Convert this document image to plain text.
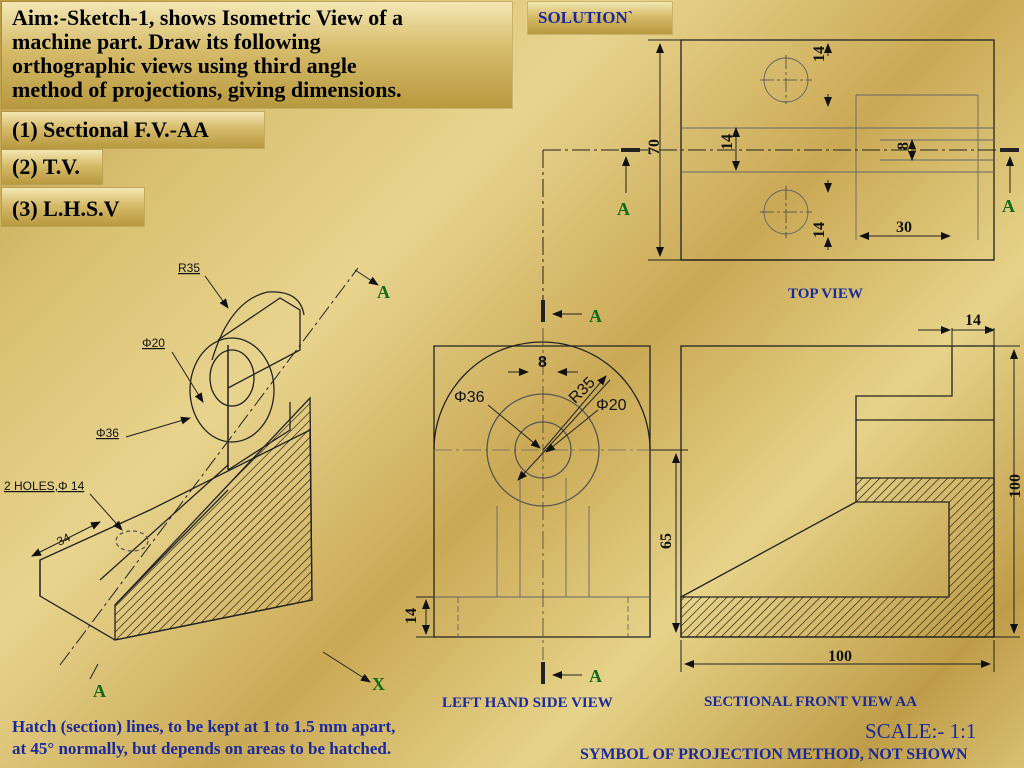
Aim:-Sketch-1, shows Isometric View of a
machine part. Draw its following
orthographic views using third angle
method of projections, giving dimensions.
(1) Sectional F.V.-AA
(2) T.V.
(3) L.H.S.V
SOLUTION`
R35
Φ20
Φ36
2 HOLES,Φ 14
34
A
A	X
70
14
14	8
14	30
A	A
TOP VIEW
8
Φ36	R35
Φ20
65
14
A
A
LEFT HAND SIDE VIEW
14
100
100
SECTIONAL FRONT VIEW AA
Hatch (section) lines, to be kept at 1 to 1.5 mm apart,
at 45° normally, but depends on areas to be hatched.
SCALE:- 1:1
SYMBOL OF PROJECTION METHOD, NOT SHOWN
